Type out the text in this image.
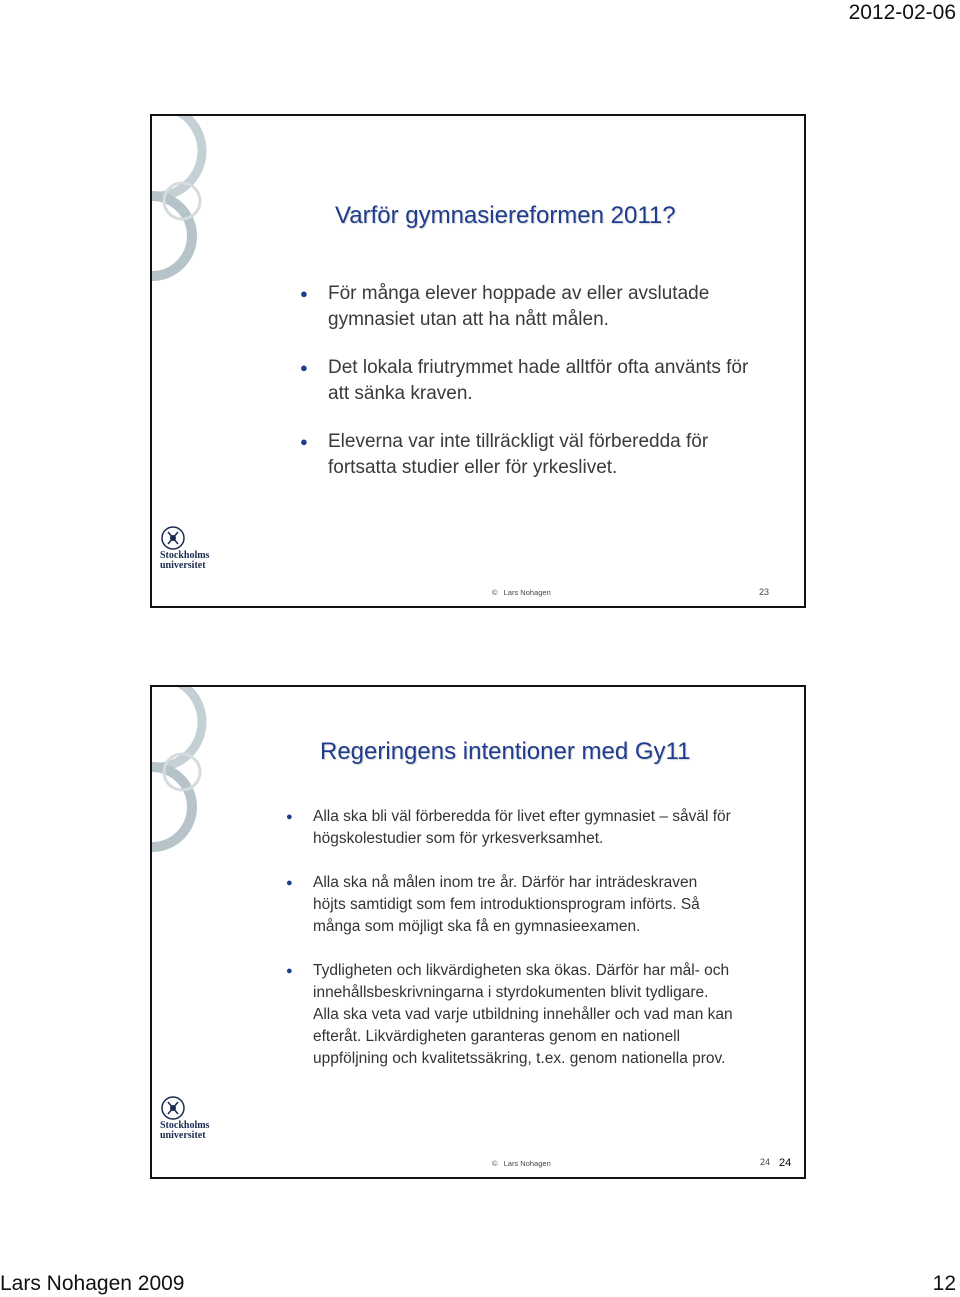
2012-02-06
Varför gymnasiereformen 2011?
● För många elever hoppade av eller avslutade gymnasiet utan att ha nått målen.
● Det lokala friutrymmet hade alltför ofta använts för att sänka kraven.
● Eleverna var inte tillräckligt väl förberedda för fortsatta studier eller för yrkeslivet.
Stockholms
universitet
© Lars Nohagen	23
Regeringens intentioner med Gy11
● Alla ska bli väl förberedda för livet efter gymnasiet – såväl för högskolestudier som för yrkesverksamhet.
● Alla ska nå målen inom tre år. Därför har inträdeskraven höjts samtidigt som fem introduktionsprogram införts. Så många som möjligt ska få en gymnasieexamen.
● Tydligheten och likvärdigheten ska ökas. Därför har mål- och innehållsbeskrivningarna i styrdokumenten blivit tydligare. Alla ska veta vad varje utbildning innehåller och vad man kan efteråt. Likvärdigheten garanteras genom en nationell uppföljning och kvalitetssäkring, t.ex. genom nationella prov.
Stockholms
universitet
© Lars Nohagen	24 24
Lars Nohagen 2009	12
